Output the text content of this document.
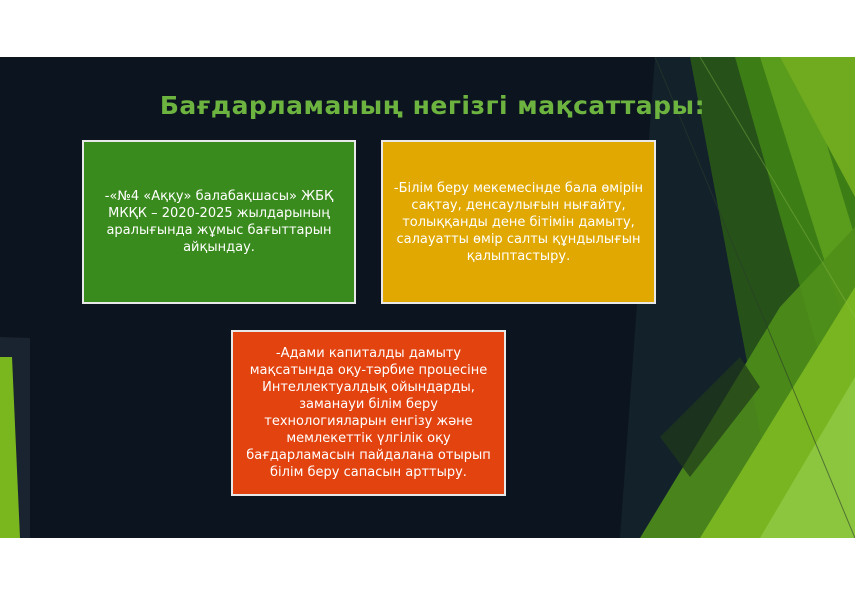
Бағдарламаның негізгі мақсаттары:
-«№4 «Аққу» балабақшасы» ЖБҚ МКҚК – 2020-2025 жылдарының аралығында жұмыс бағыттарын айқындау.
-Білім беру мекемесінде бала өмірін сақтау, денсаулығын нығайту, толыққанды дене бітімін дамыту, салауатты өмір салты құндылығын қалыптастыру.
-Адами капиталды дамыту мақсатында оқу-тәрбие процесіне Интеллектуалдық ойындарды, заманауи білім беру технологияларын енгізу және мемлекеттік үлгілік оқу бағдарламасын пайдалана отырып білім беру сапасын арттыру.
